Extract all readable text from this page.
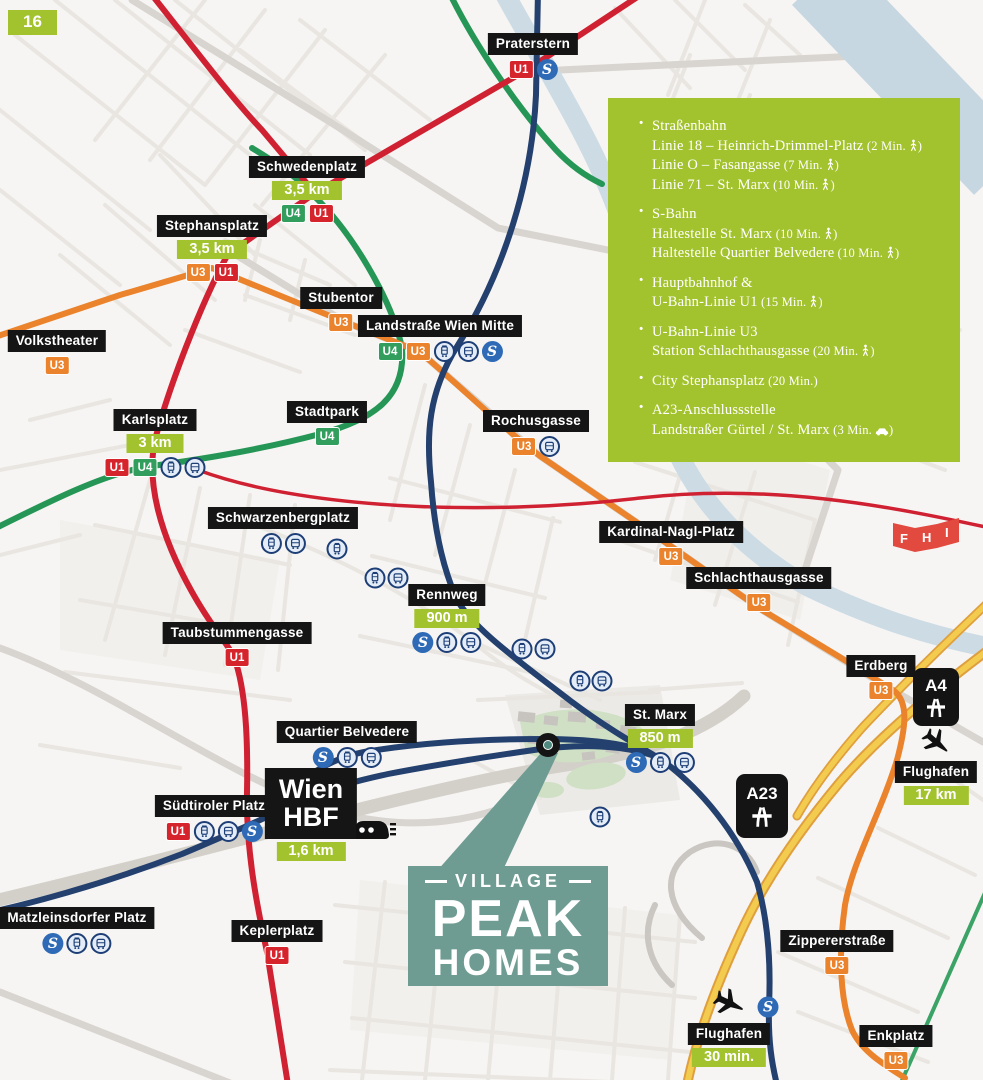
16
· Straßenbahn
Linie 18 – Heinrich-Drimmel-Platz (2 Min. )
Linie O – Fasangasse (7 Min. )
Linie 71 – St. Marx (10 Min. )
· S-Bahn
Haltestelle St. Marx (10 Min. )
Haltestelle Quartier Belvedere (10 Min. )
· Hauptbahnhof &
U-Bahn-Linie U1 (15 Min. )
· U-Bahn-Linie U3
Station Schlachthausgasse (20 Min. )
· City Stephansplatz (20 Min.)
· A23-Anschlussstelle
Landstraßer Gürtel / St. Marx (3 Min. )
F H I
Praterstern
U1 S
Schwedenplatz
3,5 km
U4	U1
Stephansplatz
3,5 km
U3	U1
Stubentor
U3	Landstraße Wien Mitte
U4	U3	S
Volkstheater
U3
Karlsplatz
3 km
U1	U4
Stadtpark
U4
Rochusgasse
U3
Schwarzenbergplatz
Rennweg
900 m
S
Kardinal-Nagl-Platz
U3
Schlachthausgasse
U3
Taubstummengasse
U1
Erdberg
U3
St. Marx
850 m
S
Quartier Belvedere
S
Südtiroler Platz
U1	S
Wien
HBF
1,6 km
Matzleinsdorfer Platz
S
Keplerplatz
U1
Zippererstraße
U3
Enkplatz
U3
Flughafen
17 km
Flughafen
30 min.
A4
A23
S
VILLAGE
PEAK
HOMES
